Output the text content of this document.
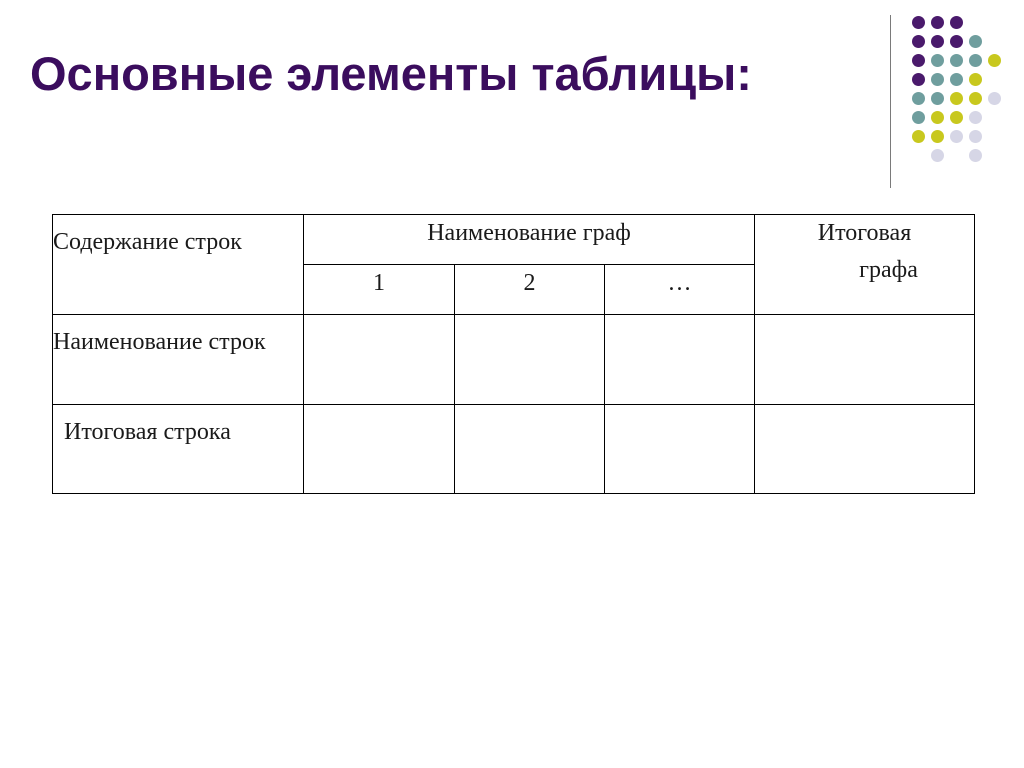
Основные элементы таблицы:
Содержание строк	Наименование граф			Итоговая
графа

	1	2	…	

Наименование строк				

Итоговая строка				
